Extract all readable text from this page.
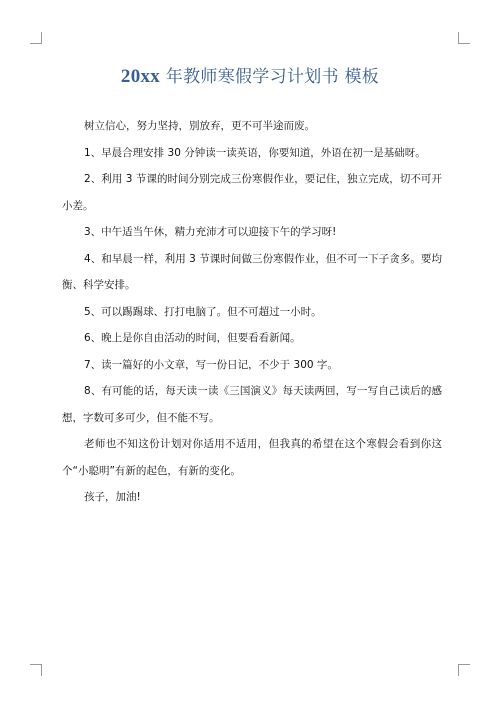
20xx 年教师寒假学习计划书 模板

树立信心，努力坚持，别放弃，更不可半途而废。

1、早晨合理安排 30 分钟读一读英语，你要知道，外语在初一是基础呀。

2、利用 3 节课的时间分别完成三份寒假作业，要记住，独立完成，切不可开小差。

3、中午适当午休，精力充沛才可以迎接下午的学习呀!

4、和早晨一样，利用 3 节课时间做三份寒假作业，但不可一下子贪多。要均衡、科学安排。

5、可以踢踢球、打打电脑了。但不可超过一小时。

6、晚上是你自由活动的时间，但要看看新闻。

7、读一篇好的小文章，写一份日记，不少于 300 字。

8、有可能的话，每天读一读《三国演义》每天读两回，写一写自己读后的感想，字数可多可少，但不能不写。

老师也不知这份计划对你适用不适用，但我真的希望在这个寒假会看到你这个“小聪明”有新的起色，有新的变化。

孩子，加油!
